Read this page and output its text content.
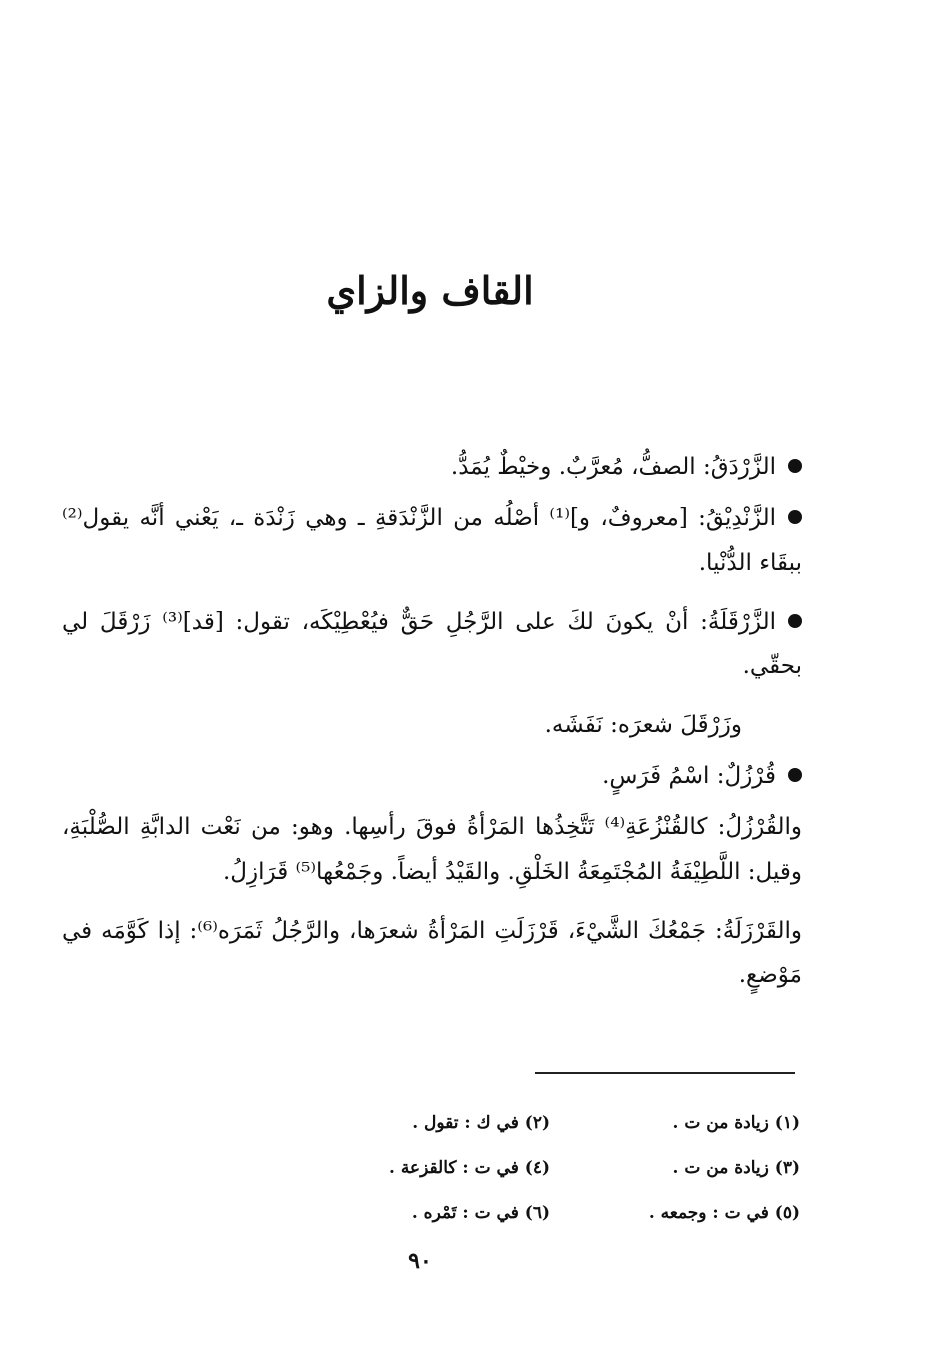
القاف والزاي

الزَّرْدَقُ: الصفُّ، مُعرَّبٌ. وخيْطٌ يُمَدُّ.

الزَّنْدِيْقُ: [معروفٌ، و]⁽¹⁾ أصْلُه من الزَّنْدَقةِ ـ وهي زَنْدَة ـ، يَعْني أنَّه يقول⁽²⁾ ببقَاء الدُّنْيا.

الزَّرْقَلَةُ: أنْ يكونَ لكَ على الرَّجُلِ حَقٌّ فيُعْطِيْكَه، تقول: [قد]⁽³⁾ زَرْقَلَ لي بحقّي.

وزَرْقَلَ شعرَه: نَفَشَه.

قُرْزُلٌ: اسْمُ فَرَسٍ.

والقُرْزُلُ: كالقُنْزُعَةِ⁽⁴⁾ تَتَّخِذُها المَرْأةُ فوقَ رأسِها. وهو: من نَعْت الدابَّةِ الصُّلْبَةِ، وقيل: اللَّطِيْفَةُ المُجْتَمِعَةُ الخَلْقِ. والقَيْدُ أيضاً. وجَمْعُها⁽⁵⁾ قَرَازِلُ.

والقَرْزَلَةُ: جَمْعُكَ الشَّيْءَ، قَرْزَلَتِ المَرْأةُ شعرَها، والرَّجُلُ ثَمَرَه⁽⁶⁾: إذا كَوَّمَه في مَوْضعٍ.

(١) زيادة من ت .
(٢) في ك : تقول .
(٣) زيادة من ت .
(٤) في ت : كالقزعة .
(٥) في ت : وجمعه .
(٦) في ت : تَمْره .
٩٠
